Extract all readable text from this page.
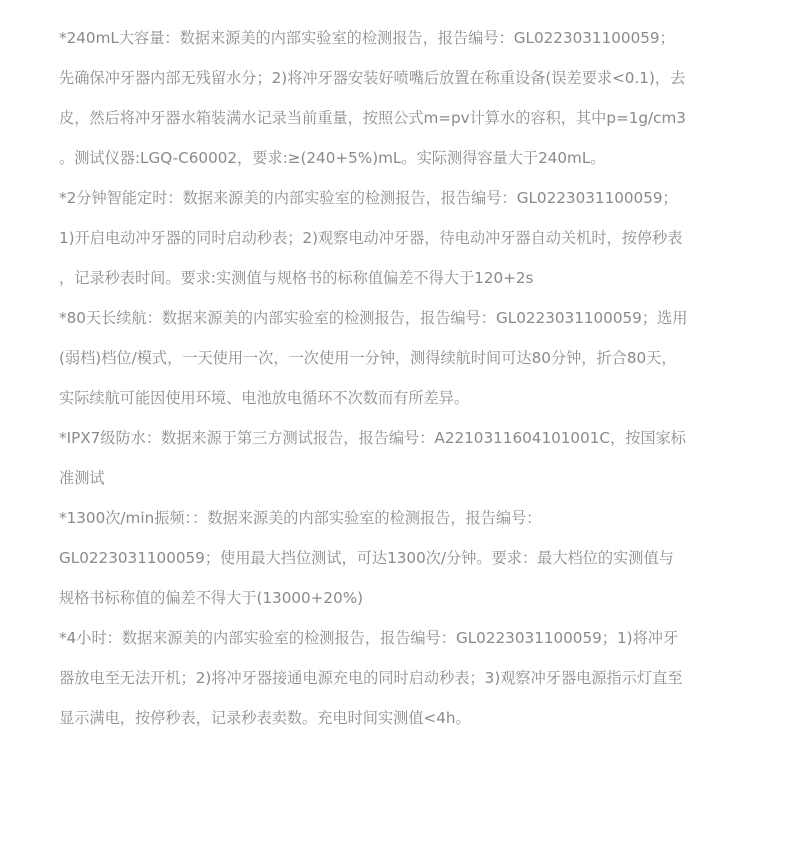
*240mL大容量：数据来源美的内部实验室的检测报告，报告编号：GL0223031100059；
先确保冲牙器内部无残留水分；2)将冲牙器安装好喷嘴后放置在称重设备(误差要求<0.1)，去
皮，然后将冲牙器水箱装满水记录当前重量，按照公式m=pv计算水的容积，其中p=1g/cm3
。测试仪器:LGQ-C60002，要求:≥(240+5%)mL。实际测得容量大于240mL。
*2分钟智能定时：数据来源美的内部实验室的检测报告，报告编号：GL0223031100059；
1)开启电动冲牙器的同时启动秒表；2)观察电动冲牙器，待电动冲牙器自动关机时，按停秒表
，记录秒表时间。要求:实测值与规格书的标称值偏差不得大于120+2s
*80天长续航：数据来源美的内部实验室的检测报告，报告编号：GL0223031100059；选用
(弱档)档位/模式，一天使用一次，一次使用一分钟，测得续航时间可达80分钟，折合80天，
实际续航可能因使用环境、电池放电循环不次数而有所差异。
*IPX7级防水：数据来源于第三方测试报告，报告编号：A2210311604101001C，按国家标
准测试
*1300次/min振频：：数据来源美的内部实验室的检测报告，报告编号：
GL0223031100059；使用最大挡位测试，可达1300次/分钟。要求：最大档位的实测值与
规格书标称值的偏差不得大于(13000+20%)
*4小时：数据来源美的内部实验室的检测报告，报告编号：GL0223031100059；1)将冲牙
器放电至无法开机；2)将冲牙器接通电源充电的同时启动秒表；3)观察冲牙器电源指示灯直至
显示满电，按停秒表，记录秒表卖数。充电时间实测值<4h。
